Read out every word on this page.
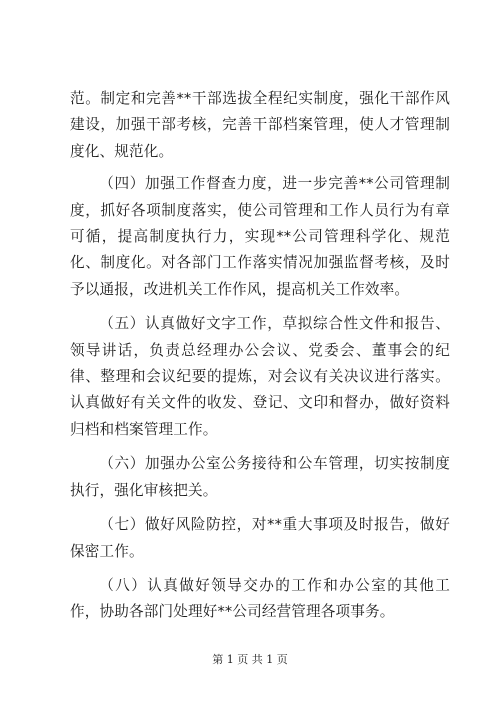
范。制定和完善**干部选拔全程纪实制度，强化干部作风建设，加强干部考核，完善干部档案管理，使人才管理制度化、规范化。

（四）加强工作督查力度，进一步完善**公司管理制度，抓好各项制度落实，使公司管理和工作人员行为有章可循，提高制度执行力，实现**公司管理科学化、规范化、制度化。对各部门工作落实情况加强监督考核，及时予以通报，改进机关工作作风，提高机关工作效率。

（五）认真做好文字工作，草拟综合性文件和报告、领导讲话，负责总经理办公会议、党委会、董事会的纪律、整理和会议纪要的提炼，对会议有关决议进行落实。认真做好有关文件的收发、登记、文印和督办，做好资料归档和档案管理工作。

（六）加强办公室公务接待和公车管理，切实按制度执行，强化审核把关。

（七）做好风险防控，对**重大事项及时报告，做好保密工作。

（八）认真做好领导交办的工作和办公室的其他工作，协助各部门处理好**公司经营管理各项事务。

第 1 页 共 1 页
